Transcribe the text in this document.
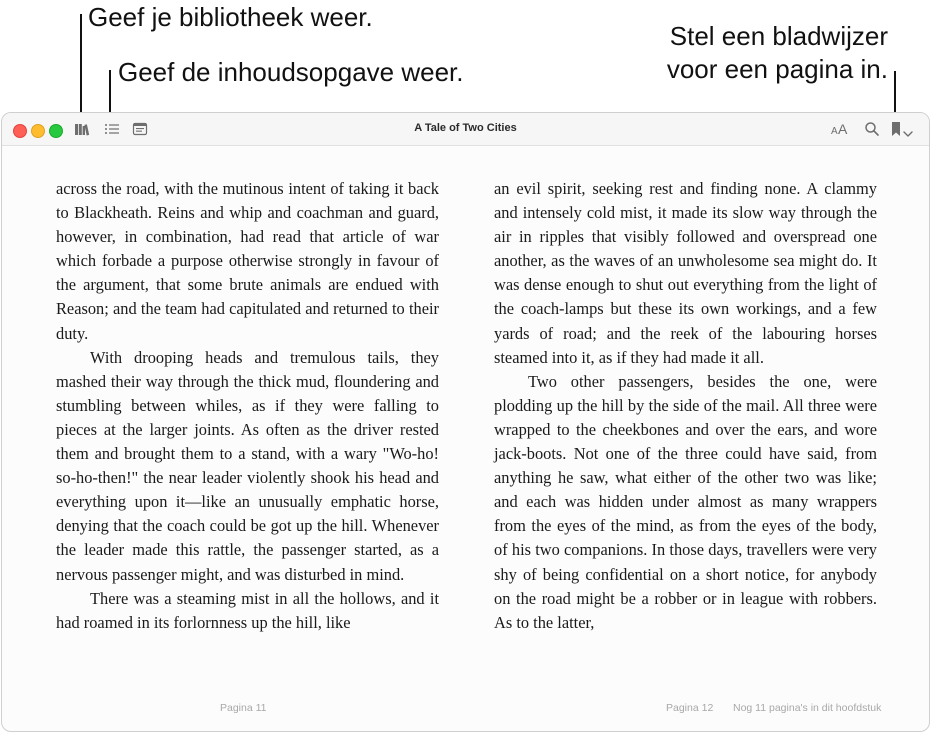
Geef je bibliotheek weer.
Geef de inhoudsopgave weer.
Stel een bladwijzer
voor een pagina in.
A Tale of Two Cities	A A

across the road, with the mutinous intent of taking it back to Blackheath. Reins and whip and coachman and guard, however, in combination, had read that article of war which forbade a purpose otherwise strongly in favour of the argument, that some brute animals are endued with Reason; and the team had capitulated and returned to their duty.

With drooping heads and tremulous tails, they mashed their way through the thick mud, floundering and stumbling between whiles, as if they were falling to pieces at the larger joints. As often as the driver rested them and brought them to a stand, with a wary "Wo-ho! so-ho-then!" the near leader violently shook his head and everything upon it—like an unusually emphatic horse, denying that the coach could be got up the hill. Whenever the leader made this rattle, the passenger started, as a nervous passenger might, and was disturbed in mind.

There was a steaming mist in all the hollows, and it had roamed in its forlornness up the hill, like

an evil spirit, seeking rest and finding none. A clammy and intensely cold mist, it made its slow way through the air in ripples that visibly followed and overspread one another, as the waves of an unwholesome sea might do. It was dense enough to shut out everything from the light of the coach-lamps but these its own workings, and a few yards of road; and the reek of the labouring horses steamed into it, as if they had made it all.

Two other passengers, besides the one, were plodding up the hill by the side of the mail. All three were wrapped to the cheekbones and over the ears, and wore jack-boots. Not one of the three could have said, from anything he saw, what either of the other two was like; and each was hidden under almost as many wrappers from the eyes of the mind, as from the eyes of the body, of his two companions. In those days, travellers were very shy of being confidential on a short notice, for anybody on the road might be a robber or in league with robbers. As to the latter,

Pagina 11	Pagina 12 Nog 11 pagina's in dit hoofdstuk
